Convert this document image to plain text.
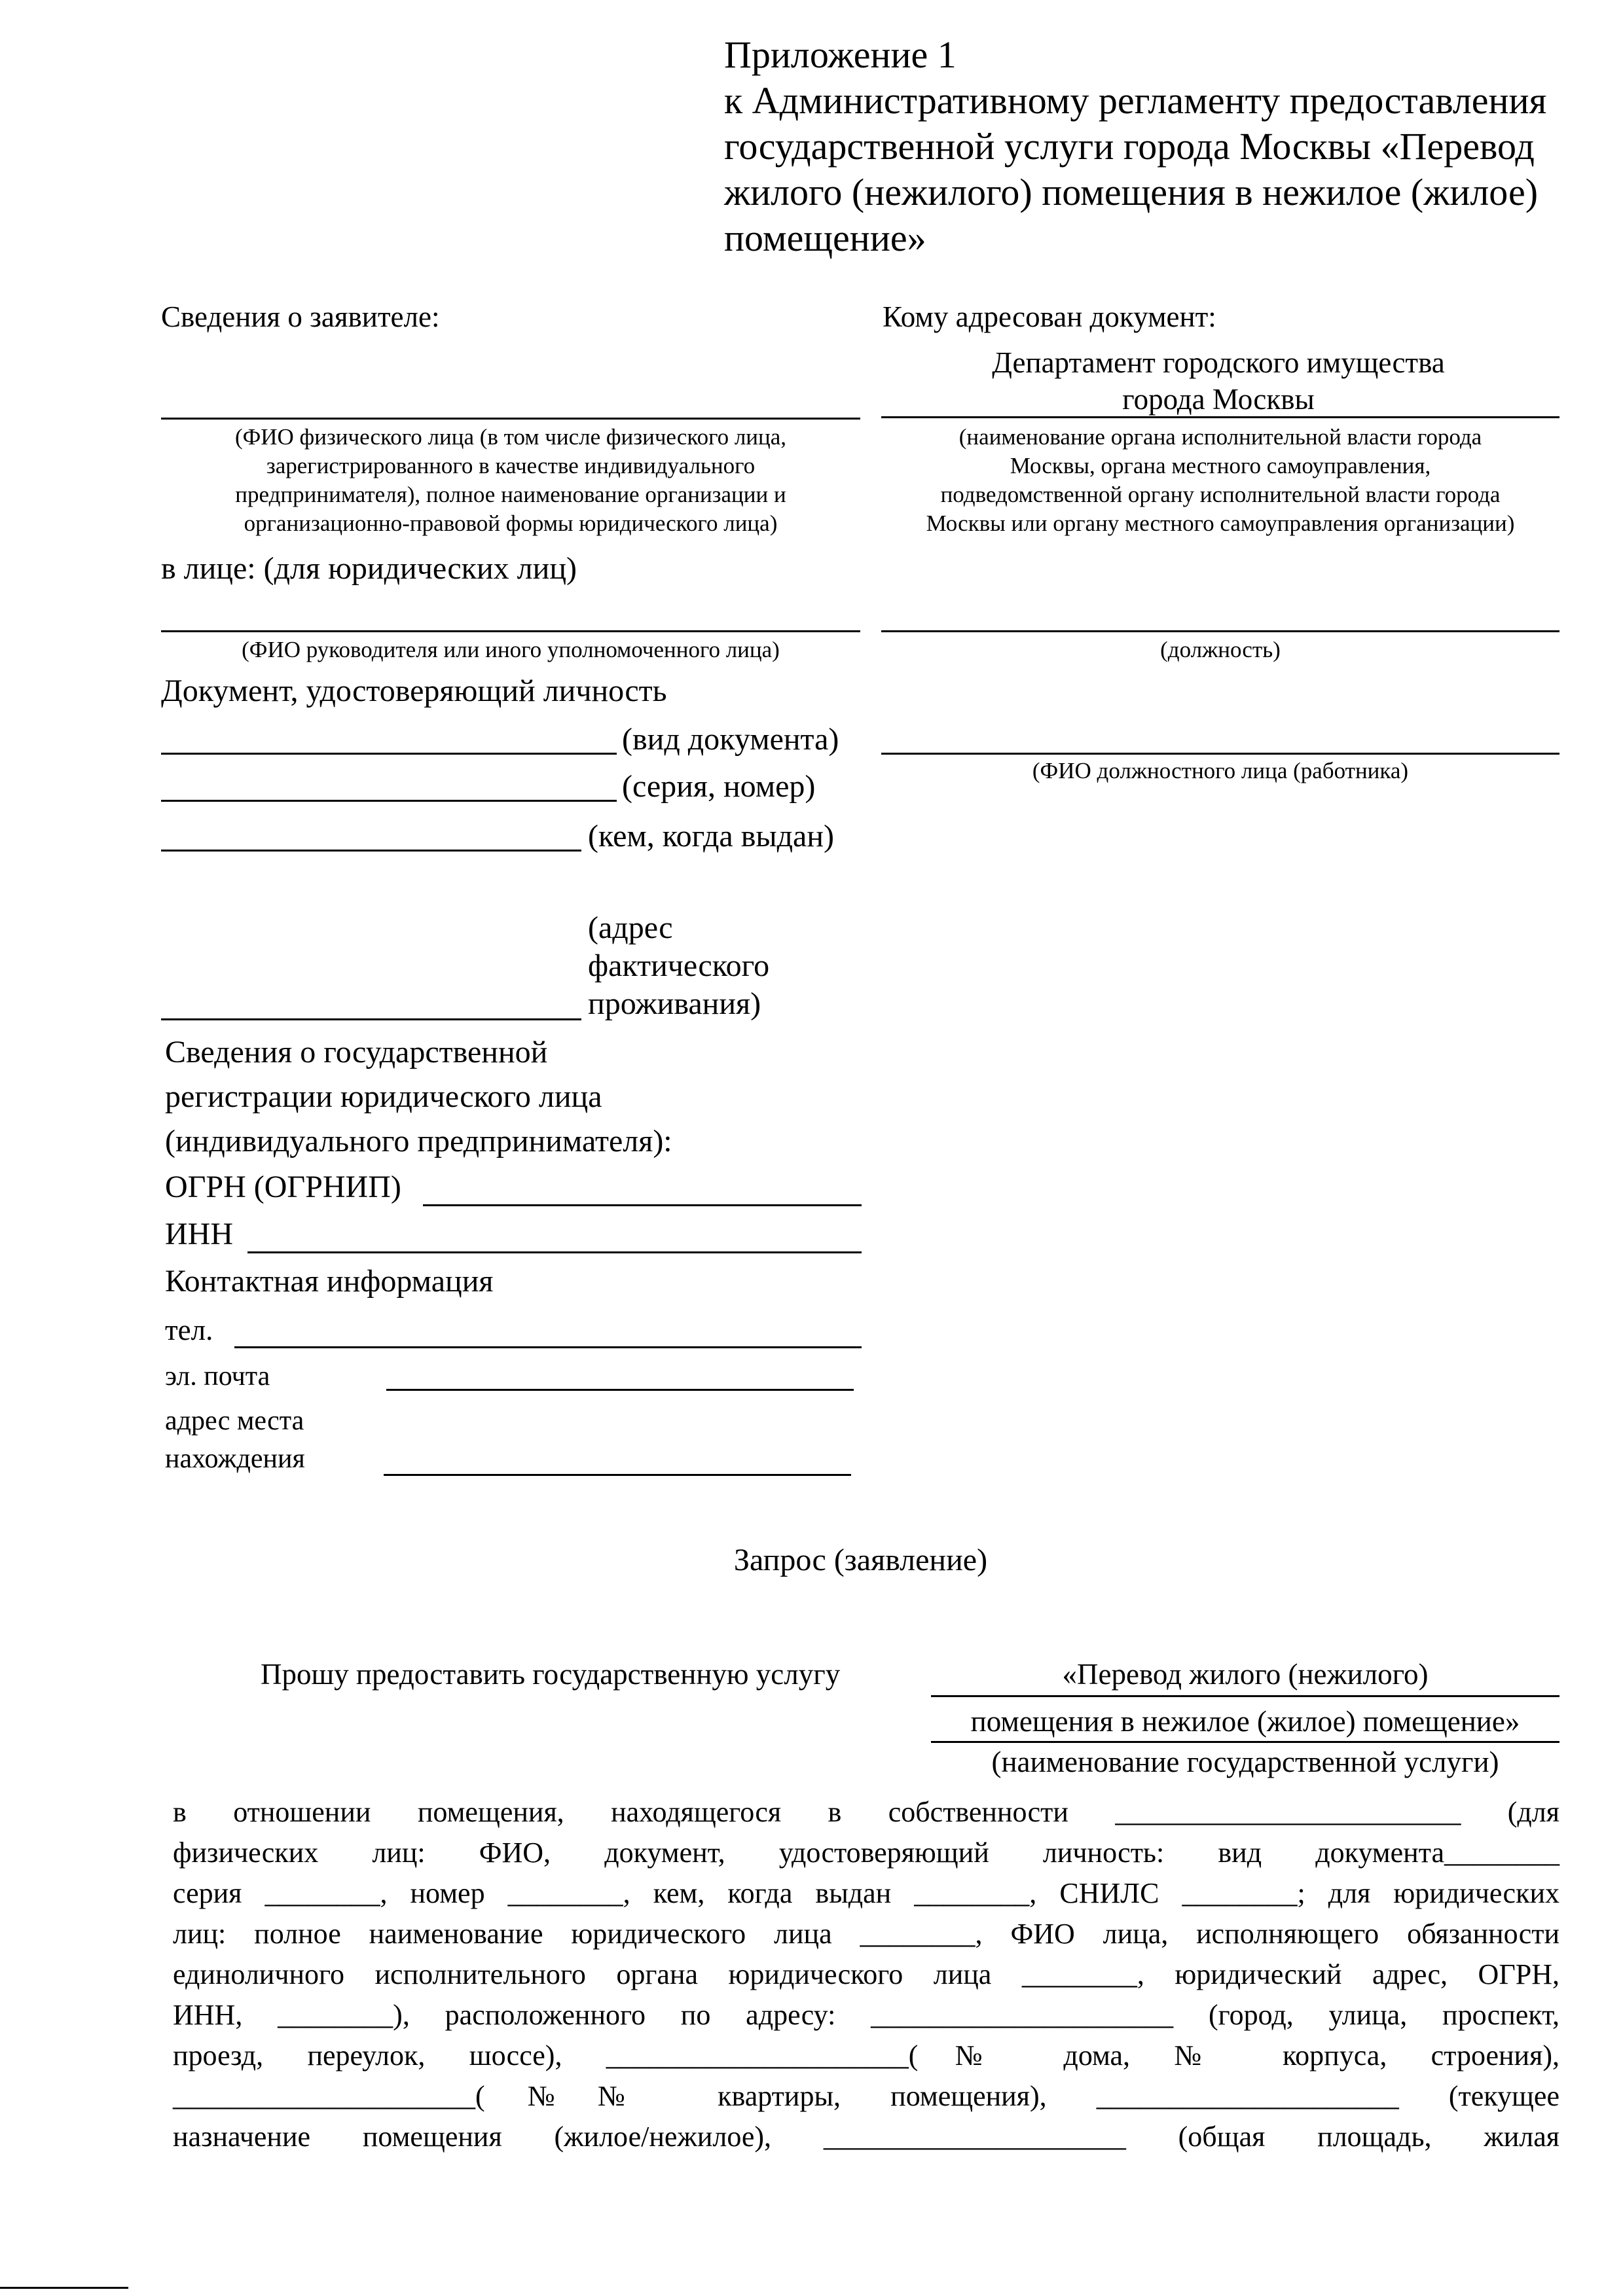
Приложение 1
к Административному регламенту предоставления
государственной услуги города Москвы «Перевод
жилого (нежилого) помещения в нежилое (жилое)
помещение»
Сведения о заявителе:
(ФИО физического лица (в том числе физического лица,
зарегистрированного в качестве индивидуального
предпринимателя), полное наименование организации и
организационно-правовой формы юридического лица)
в лице: (для юридических лиц)
(ФИО руководителя или иного уполномоченного лица)
Документ, удостоверяющий личность
(вид документа)
(серия, номер)
(кем, когда выдан)
(адрес
фактического
проживания)
Сведения о государственной
регистрации юридического лица
(индивидуального предпринимателя):
ОГРН (ОГРНИП)
ИНН
Контактная информация
тел.
эл. почта
адрес места
нахождения
Кому адресован документ:
Департамент городского имущества
города Москвы
(наименование органа исполнительной власти города
Москвы, органа местного самоуправления,
подведомственной органу исполнительной власти города
Москвы или органу местного самоуправления организации)
(должность)
(ФИО должностного лица (работника)
Запрос (заявление)
Прошу предоставить государственную услугу	«Перевод жилого (нежилого)
помещения в нежилое (жилое) помещение»
(наименование государственной услуги)
в отношении помещения, находящегося в собственности ________________________ (для
физических лиц: ФИО, документ, удостоверяющий личность: вид документа________
серия ________, номер ________, кем, когда выдан ________, СНИЛС ________; для юридических
лиц: полное наименование юридического лица ________, ФИО лица, исполняющего обязанности
единоличного исполнительного органа юридического лица ________, юридический адрес, ОГРН,
ИНН, ________), расположенного по адресу: _____________________ (город, улица, проспект,
проезд, переулок, шоссе), _____________________(№ дома, № корпуса, строения),
_____________________(№№ квартиры, помещения), _____________________ (текущее
назначение помещения (жилое/нежилое), _____________________ (общая площадь, жилая
